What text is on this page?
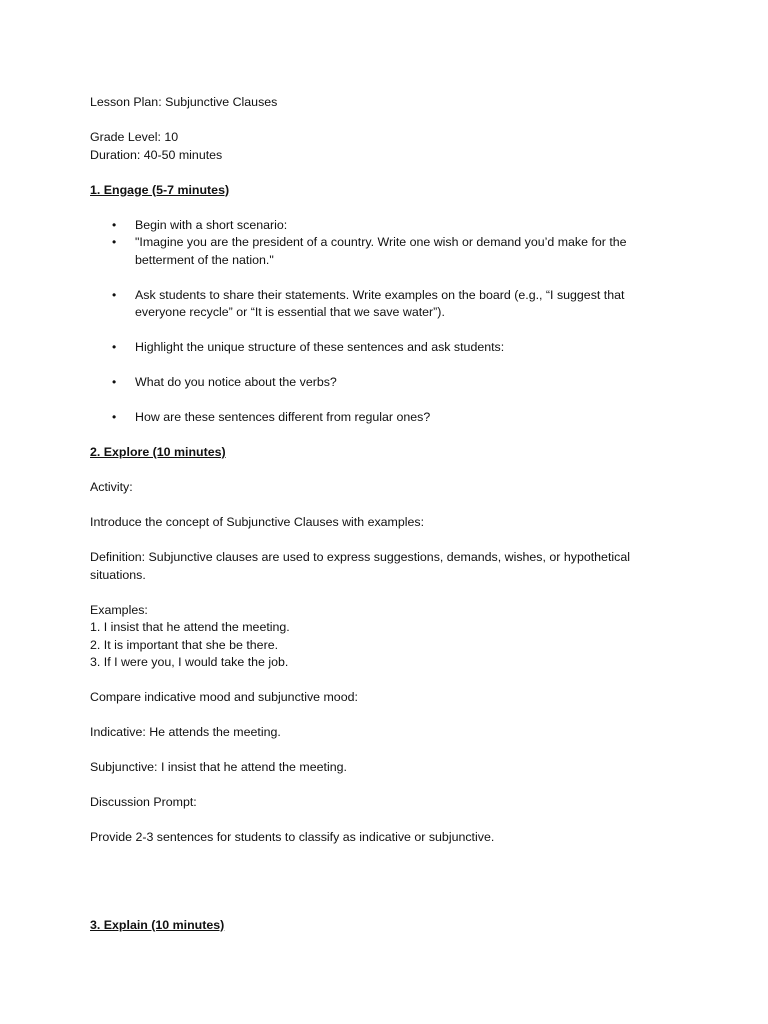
Lesson Plan: Subjunctive Clauses

Grade Level: 10

Duration: 40-50 minutes

1. Engage (5-7 minutes)

• Begin with a short scenario:
• "Imagine you are the president of a country. Write one wish or demand you’d make for the betterment of the nation."
• Ask students to share their statements. Write examples on the board (e.g., “I suggest that everyone recycle” or “It is essential that we save water”).
• Highlight the unique structure of these sentences and ask students:
• What do you notice about the verbs?
• How are these sentences different from regular ones?

2. Explore (10 minutes)

Activity:

Introduce the concept of Subjunctive Clauses with examples:

Definition: Subjunctive clauses are used to express suggestions, demands, wishes, or hypothetical situations.

Examples:

1. I insist that he attend the meeting.

2. It is important that she be there.

3. If I were you, I would take the job.

Compare indicative mood and subjunctive mood:

Indicative: He attends the meeting.

Subjunctive: I insist that he attend the meeting.

Discussion Prompt:

Provide 2-3 sentences for students to classify as indicative or subjunctive.

3. Explain (10 minutes)
